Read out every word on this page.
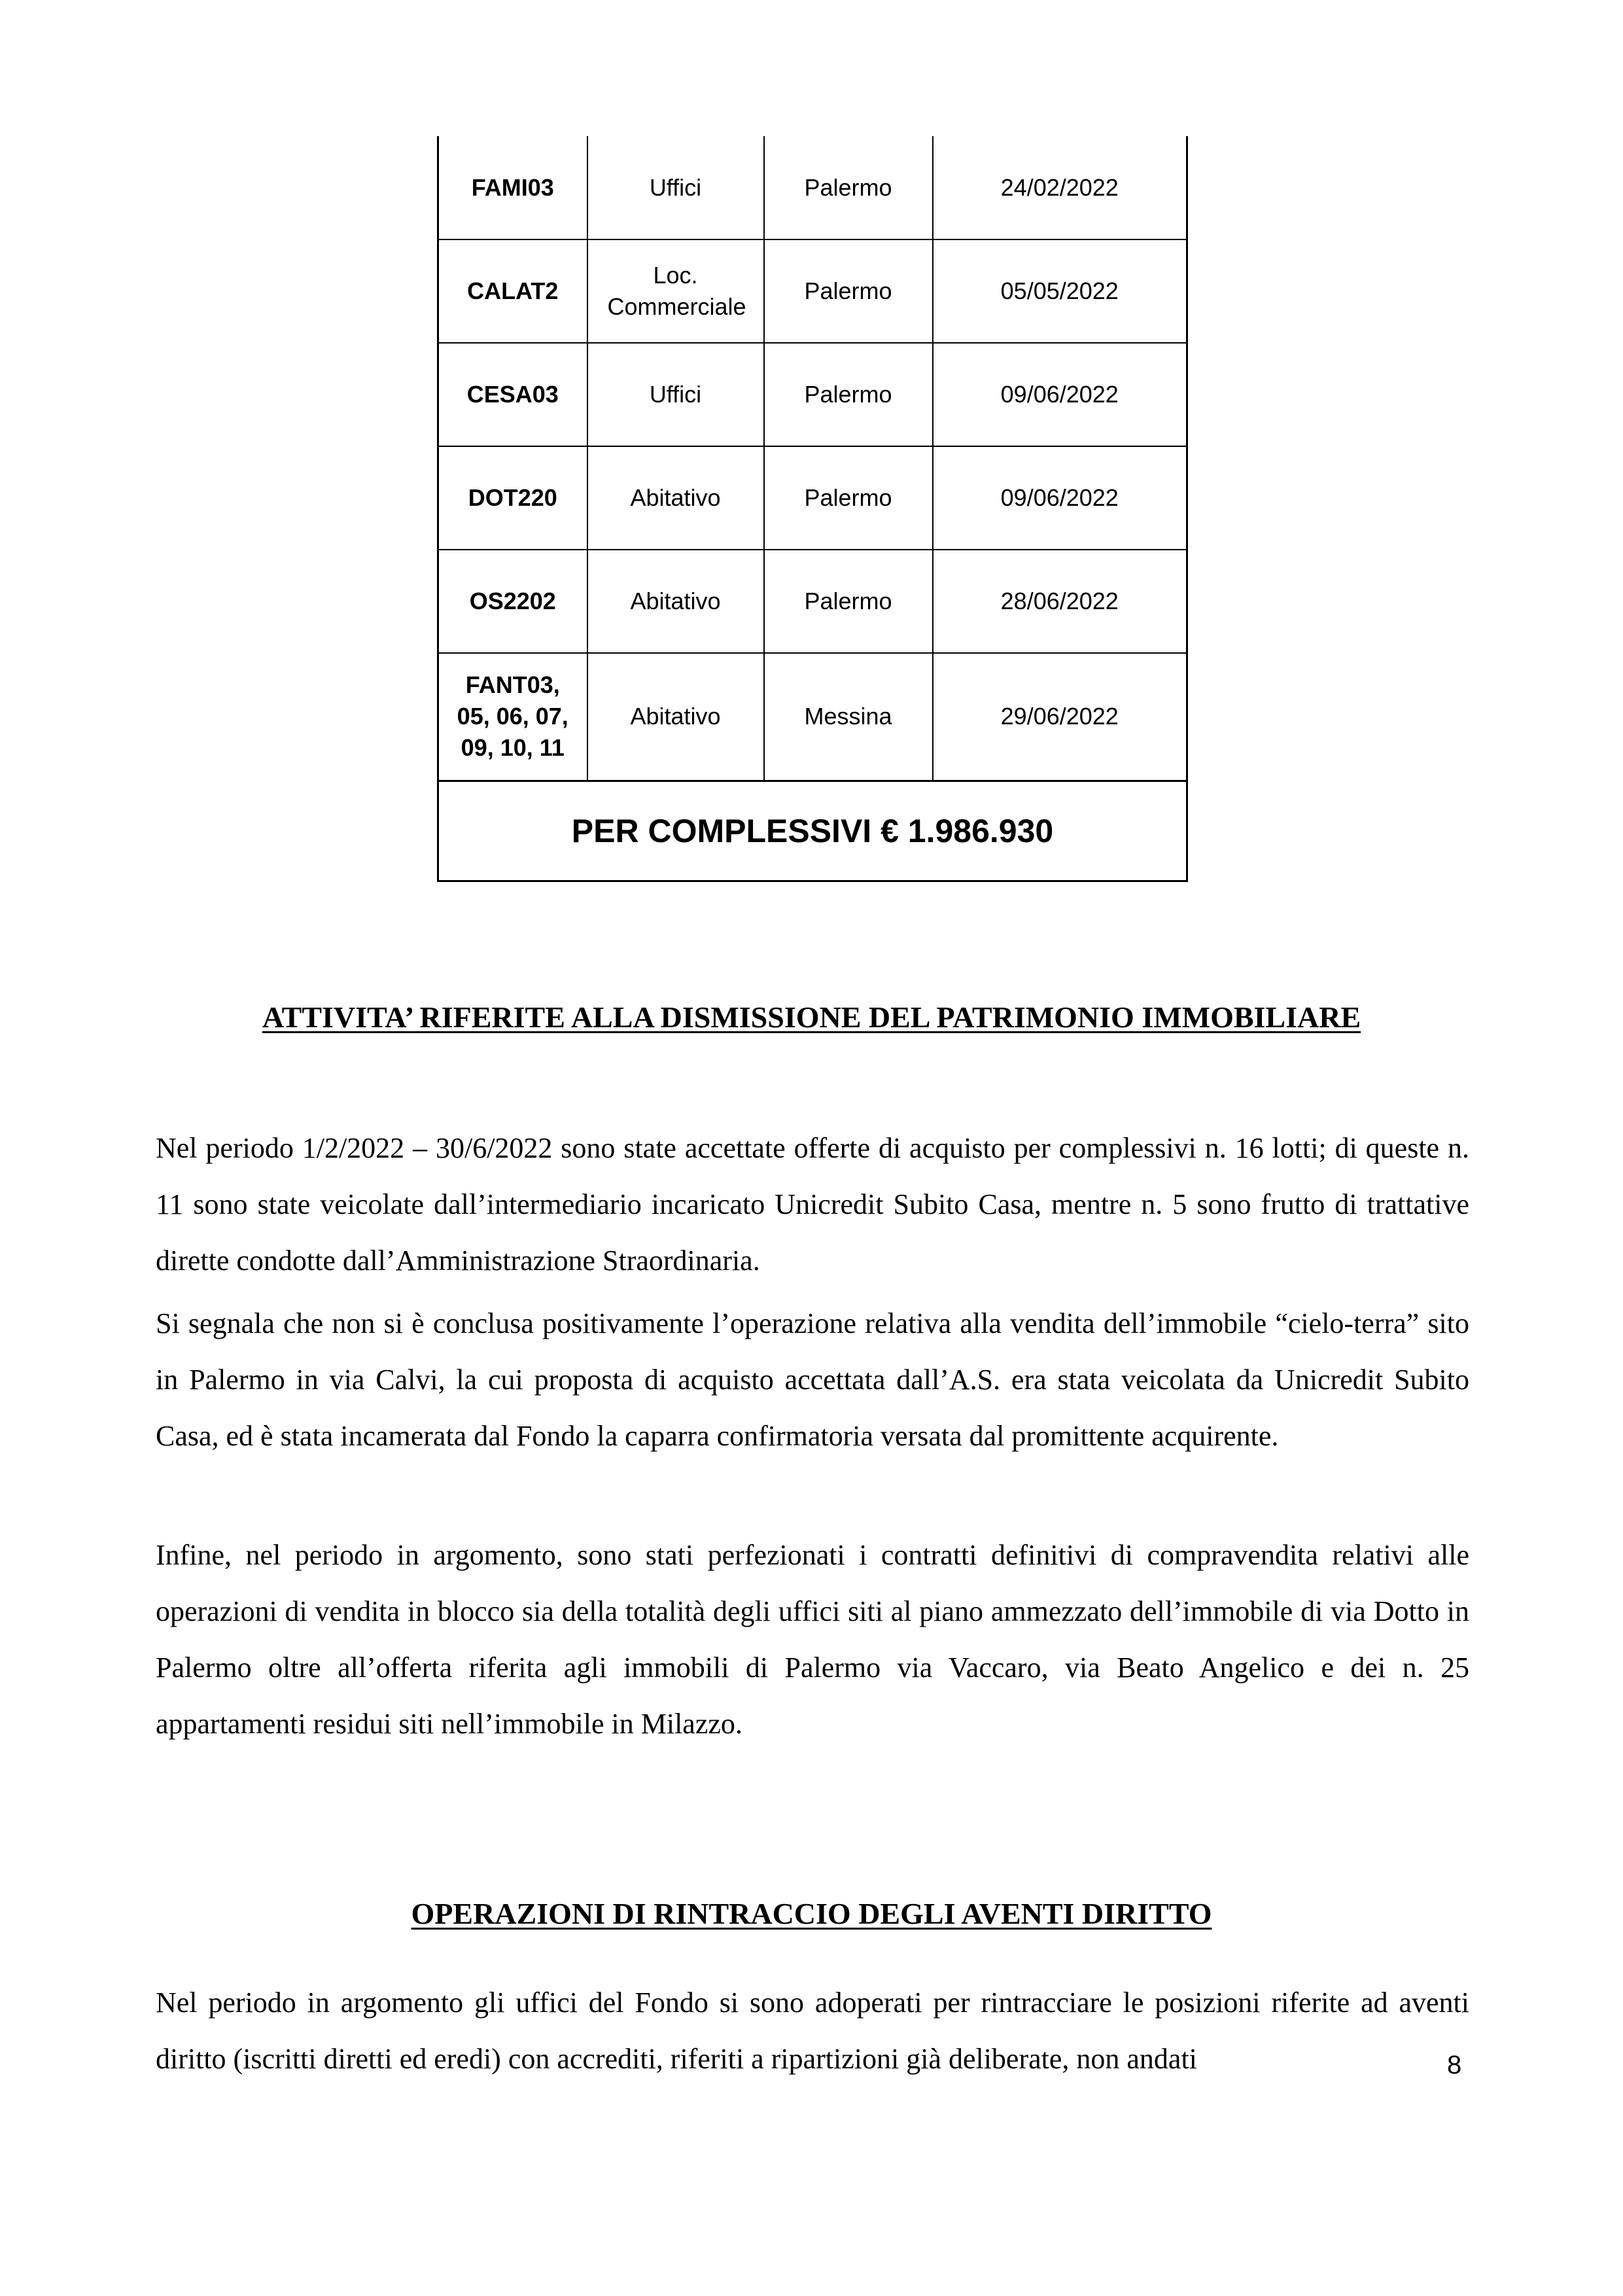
FAMI03	Uffici	Palermo	24/02/2022
CALAT2	Loc. Commerciale	Palermo	05/05/2022
CESA03	Uffici	Palermo	09/06/2022
DOT220	Abitativo	Palermo	09/06/2022
OS2202	Abitativo	Palermo	28/06/2022
FANT03, 05, 06, 07, 09, 10, 11	Abitativo	Messina	29/06/2022
PER COMPLESSIVI € 1.986.930			
ATTIVITA’ RIFERITE ALLA DISMISSIONE DEL PATRIMONIO IMMOBILIARE

Nel periodo 1/2/2022 – 30/6/2022 sono state accettate offerte di acquisto per complessivi n. 16 lotti; di queste n. 11 sono state veicolate dall’intermediario incaricato Unicredit Subito Casa, mentre n. 5 sono frutto di trattative dirette condotte dall’Amministrazione Straordinaria.

Si segnala che non si è conclusa positivamente l’operazione relativa alla vendita dell’immobile “cielo-terra” sito in Palermo in via Calvi, la cui proposta di acquisto accettata dall’A.S. era stata veicolata da Unicredit Subito Casa, ed è stata incamerata dal Fondo la caparra confirmatoria versata dal promittente acquirente.

Infine, nel periodo in argomento, sono stati perfezionati i contratti definitivi di compravendita relativi alle operazioni di vendita in blocco sia della totalità degli uffici siti al piano ammezzato dell’immobile di via Dotto in Palermo oltre all’offerta riferita agli immobili di Palermo via Vaccaro, via Beato Angelico e dei n. 25 appartamenti residui siti nell’immobile in Milazzo.

OPERAZIONI DI RINTRACCIO DEGLI AVENTI DIRITTO

Nel periodo in argomento gli uffici del Fondo si sono adoperati per rintracciare le posizioni riferite ad aventi diritto (iscritti diretti ed eredi) con accrediti, riferiti a ripartizioni già deliberate, non andati	8
